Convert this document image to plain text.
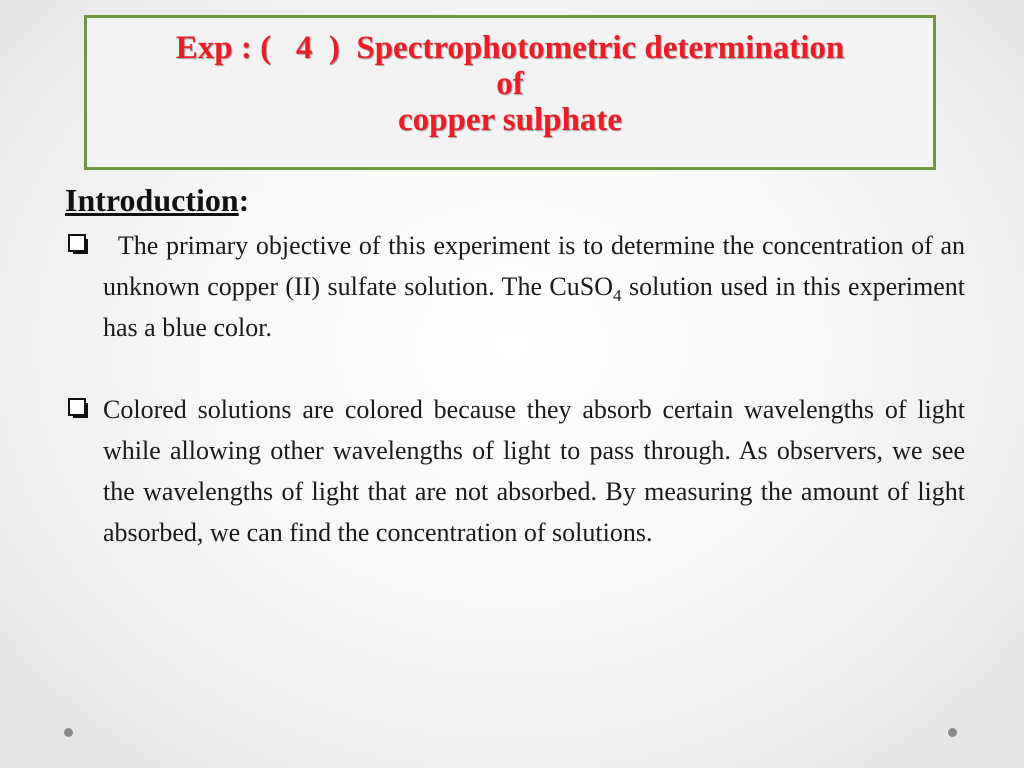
Exp : (   4  )  Spectrophotometric determination
of
copper sulphate
Introduction:
The primary objective of this experiment is to determine the concentration of an unknown copper (II) sulfate solution. The CuSO$_4$ solution used in this experiment has a blue color.
Colored solutions are colored because they absorb certain wavelengths of light while allowing other wavelengths of light to pass through. As observers, we see the wavelengths of light that are not absorbed. By measuring the amount of light absorbed, we can find the concentration of solutions.
